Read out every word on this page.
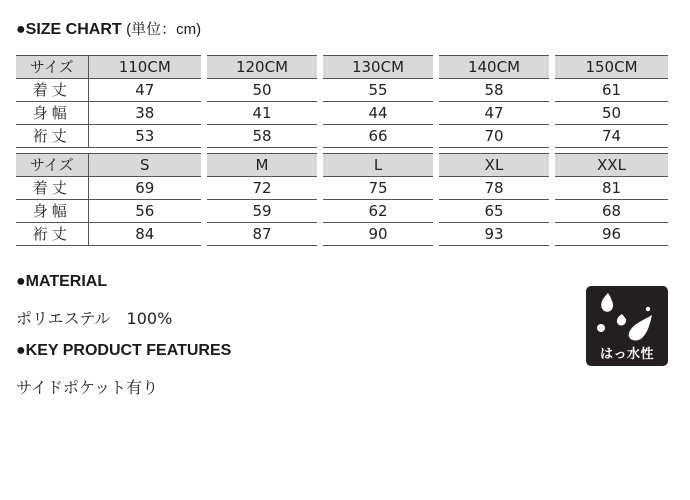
●SIZE CHART (単位：cm)
サイズ	110CM	120CM	130CM	140CM	150CM
着丈	47	50	55	58	61
身幅	38	41	44	47	50
裄丈	53	58	66	70	74
サイズ	S	M	L	XL	XXL
着丈	69	72	75	78	81
身幅	56	59	62	65	68
裄丈	84	87	90	93	96
●MATERIAL
ポリエステル　100%
●KEY PRODUCT FEATURES
サイドポケット有り
はっ水性
